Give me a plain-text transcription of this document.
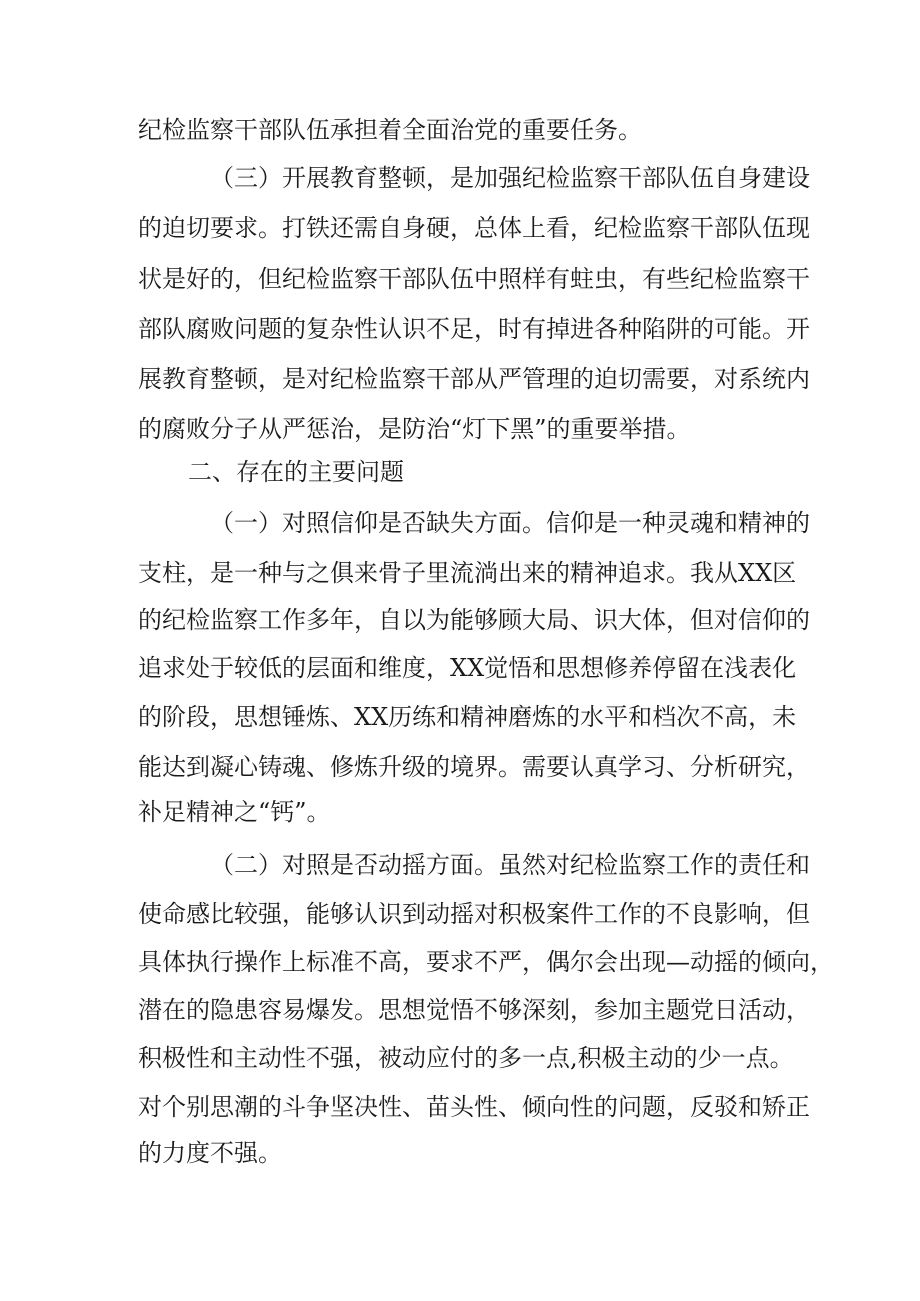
纪检监察干部队伍承担着全面治党的重要任务。
（三）开展教育整顿，是加强纪检监察干部队伍自身建设
的迫切要求。打铁还需自身硬，总体上看，纪检监察干部队伍现
状是好的，但纪检监察干部队伍中照样有蛀虫，有些纪检监察干
部队腐败问题的复杂性认识不足，时有掉进各种陷阱的可能。开
展教育整顿，是对纪检监察干部从严管理的迫切需要，对系统内
的腐败分子从严惩治，是防治“灯下黑”的重要举措。
二、存在的主要问题
（一）对照信仰是否缺失方面。信仰是一种灵魂和精神的
支柱，是一种与之俱来骨子里流淌出来的精神追求。我从XX区
的纪检监察工作多年，自以为能够顾大局、识大体，但对信仰的
追求处于较低的层面和维度，XX觉悟和思想修养停留在浅表化
的阶段，思想锤炼、XX历练和精神磨炼的水平和档次不高，未
能达到凝心铸魂、修炼升级的境界。需要认真学习、分析研究，
补足精神之“钙”。
（二）对照是否动摇方面。虽然对纪检监察工作的责任和
使命感比较强，能够认识到动摇对积极案件工作的不良影响，但
具体执行操作上标准不高，要求不严，偶尔会出现—动摇的倾向，
潜在的隐患容易爆发。思想觉悟不够深刻，参加主题党日活动，
积极性和主动性不强，被动应付的多一点,积极主动的少一点。
对个别思潮的斗争坚决性、苗头性、倾向性的问题，反驳和矫正
的力度不强。
